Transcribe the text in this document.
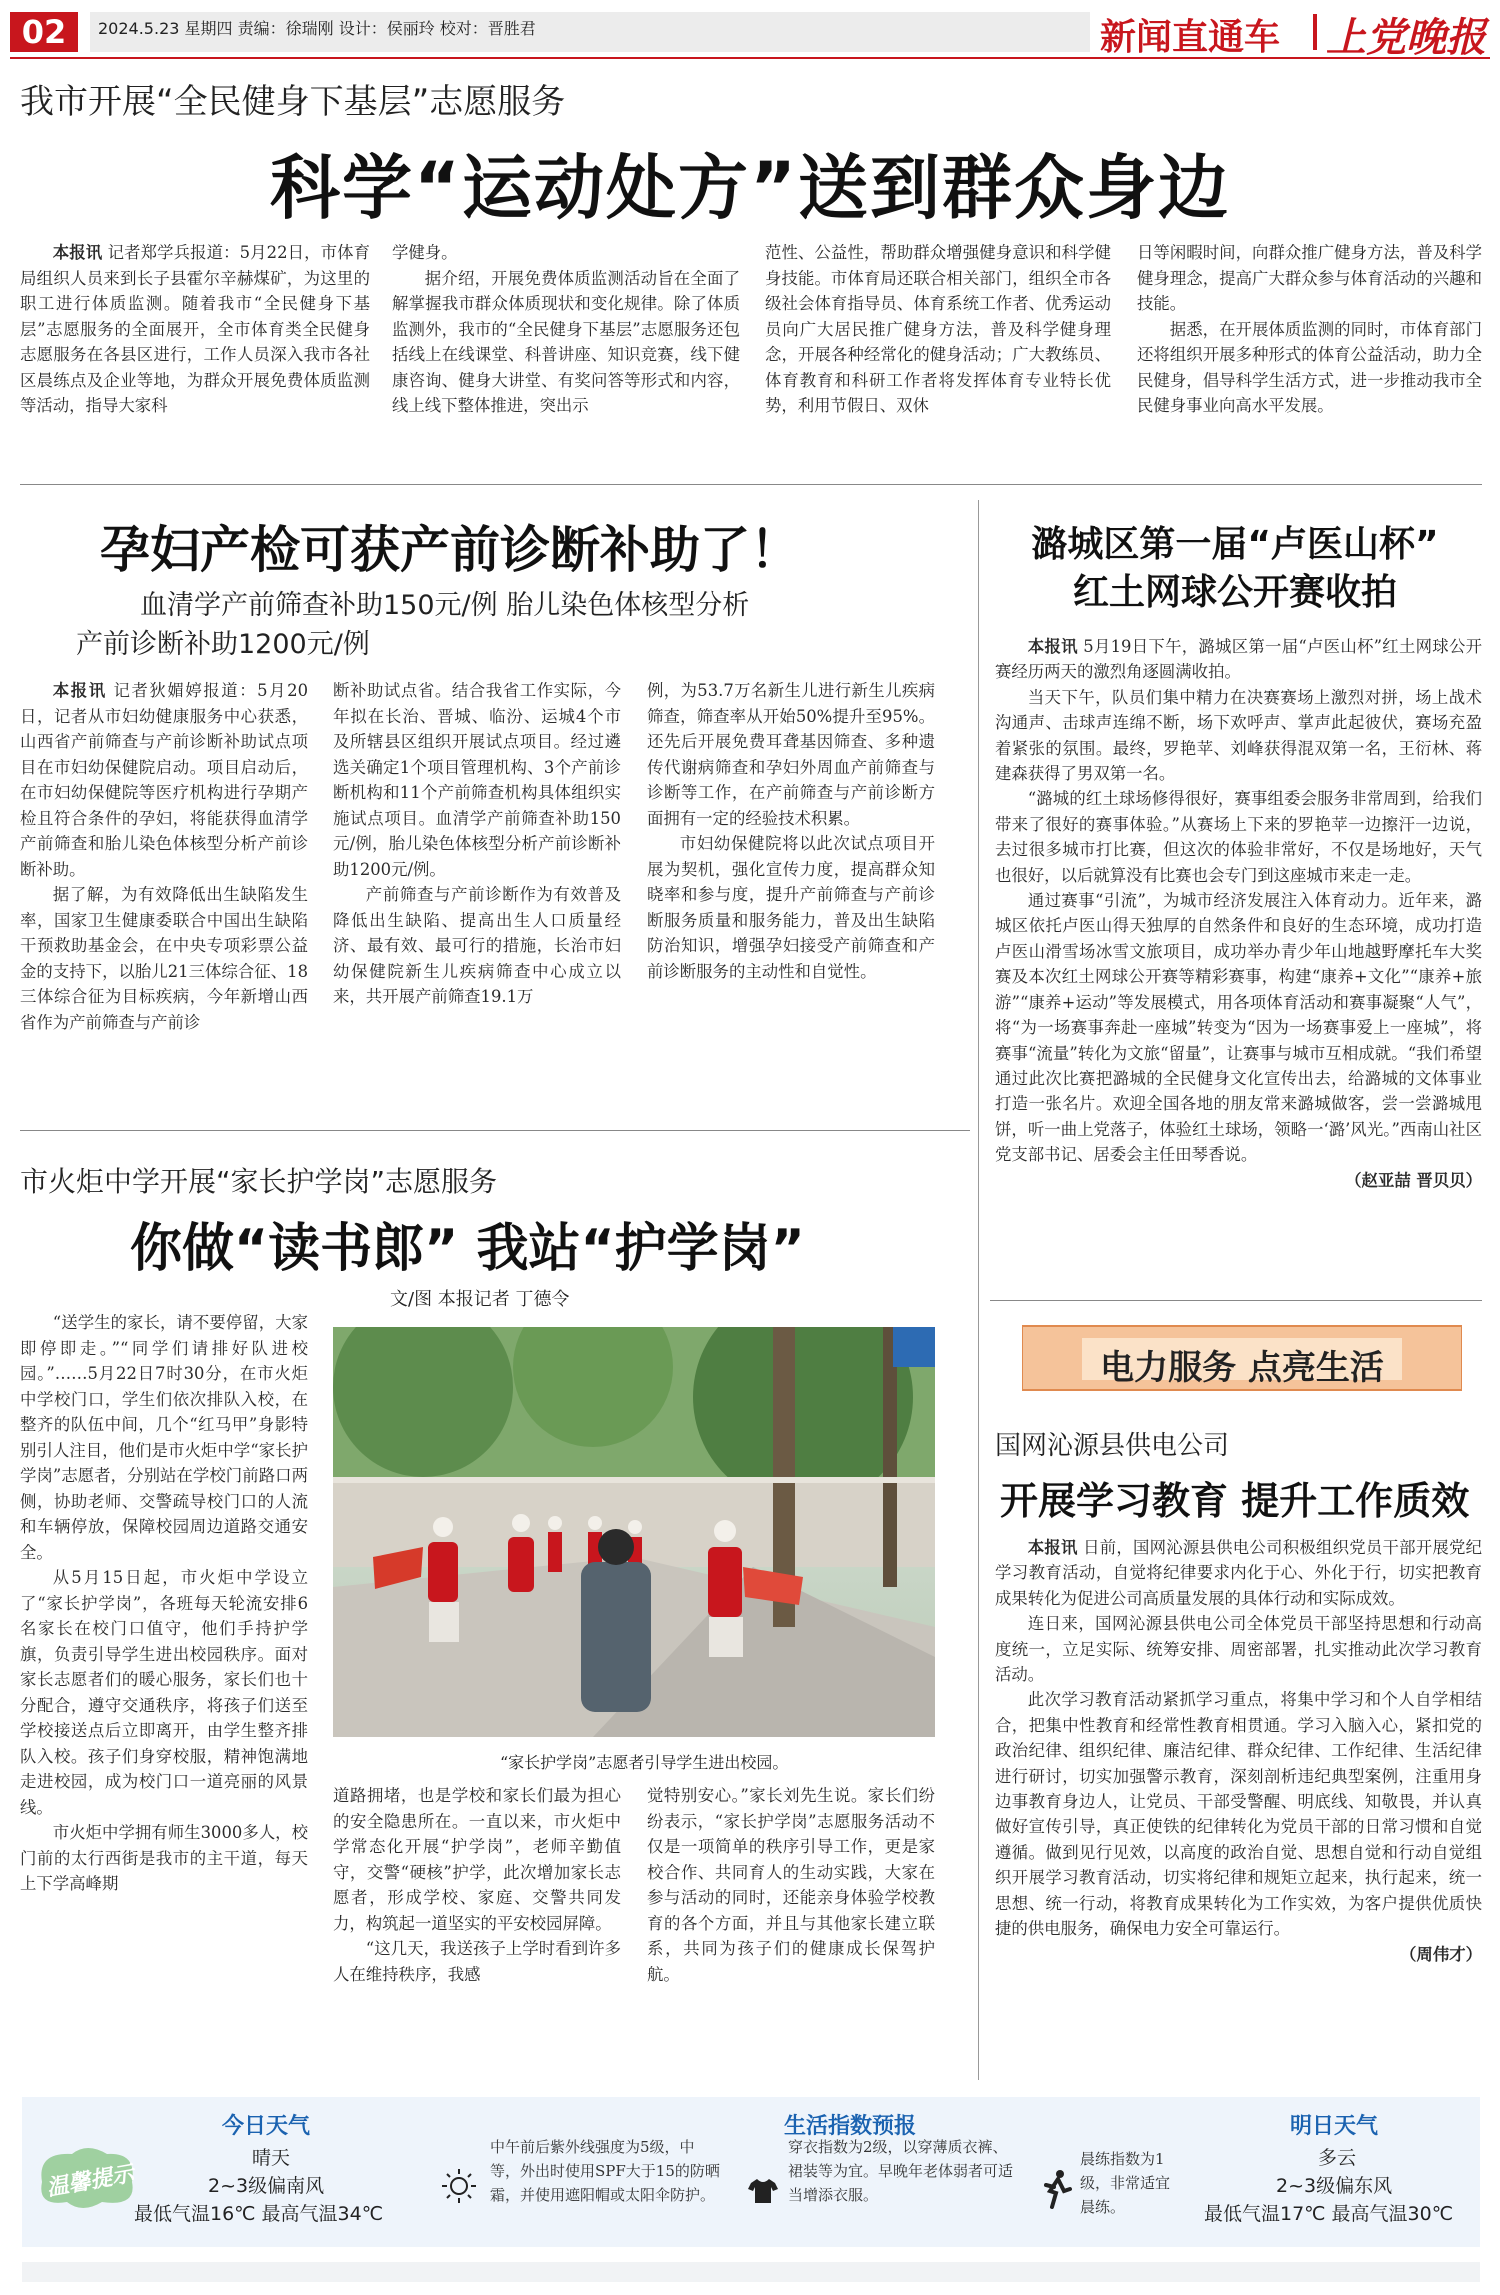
02	2024.5.23 星期四 责编：徐瑞刚 设计：侯丽玲 校对：晋胜君	新闻直通车 上党晚报
我市开展“全民健身下基层”志愿服务
科学“运动处方”送到群众身边

本报讯 记者郑学兵报道：5月22日，市体育局组织人员来到长子县霍尔辛赫煤矿，为这里的职工进行体质监测。随着我市“全民健身下基层”志愿服务的全面展开，全市体育类全民健身志愿服务在各县区进行，工作人员深入我市各社区晨练点及企业等地，为群众开展免费体质监测等活动，指导大家科

学健身。

据介绍，开展免费体质监测活动旨在全面了解掌握我市群众体质现状和变化规律。除了体质监测外，我市的“全民健身下基层”志愿服务还包括线上在线课堂、科普讲座、知识竞赛，线下健康咨询、健身大讲堂、有奖问答等形式和内容，线上线下整体推进，突出示

范性、公益性，帮助群众增强健身意识和科学健身技能。市体育局还联合相关部门，组织全市各级社会体育指导员、体育系统工作者、优秀运动员向广大居民推广健身方法，普及科学健身理念，开展各种经常化的健身活动；广大教练员、体育教育和科研工作者将发挥体育专业特长优势，利用节假日、双休

日等闲暇时间，向群众推广健身方法，普及科学健身理念，提高广大群众参与体育活动的兴趣和技能。

据悉，在开展体质监测的同时，市体育部门还将组织开展多种形式的体育公益活动，助力全民健身，倡导科学生活方式，进一步推动我市全民健身事业向高水平发展。

孕妇产检可获产前诊断补助了！
血清学产前筛查补助150元/例 胎儿染色体核型分析
产前诊断补助1200元/例

本报讯 记者狄媚婷报道：5月20日，记者从市妇幼健康服务中心获悉，山西省产前筛查与产前诊断补助试点项目在市妇幼保健院启动。项目启动后，在市妇幼保健院等医疗机构进行孕期产检且符合条件的孕妇，将能获得血清学产前筛查和胎儿染色体核型分析产前诊断补助。

据了解，为有效降低出生缺陷发生率，国家卫生健康委联合中国出生缺陷干预救助基金会，在中央专项彩票公益金的支持下，以胎儿21三体综合征、18三体综合征为目标疾病，今年新增山西省作为产前筛查与产前诊

断补助试点省。结合我省工作实际，今年拟在长治、晋城、临汾、运城4个市及所辖县区组织开展试点项目。经过遴选关确定1个项目管理机构、3个产前诊断机构和11个产前筛查机构具体组织实施试点项目。血清学产前筛查补助150元/例，胎儿染色体核型分析产前诊断补助1200元/例。

产前筛查与产前诊断作为有效普及降低出生缺陷、提高出生人口质量经济、最有效、最可行的措施，长治市妇幼保健院新生儿疾病筛查中心成立以来，共开展产前筛查19.1万

例，为53.7万名新生儿进行新生儿疾病筛查，筛查率从开始50%提升至95%。还先后开展免费耳聋基因筛查、多种遗传代谢病筛查和孕妇外周血产前筛查与诊断等工作，在产前筛查与产前诊断方面拥有一定的经验技术积累。

市妇幼保健院将以此次试点项目开展为契机，强化宣传力度，提高群众知晓率和参与度，提升产前筛查与产前诊断服务质量和服务能力，普及出生缺陷防治知识，增强孕妇接受产前筛查和产前诊断服务的主动性和自觉性。

潞城区第一届“卢医山杯”
红土网球公开赛收拍

本报讯 5月19日下午，潞城区第一届“卢医山杯”红土网球公开赛经历两天的激烈角逐圆满收拍。

当天下午，队员们集中精力在决赛赛场上激烈对拼，场上战术沟通声、击球声连绵不断，场下欢呼声、掌声此起彼伏，赛场充盈着紧张的氛围。最终，罗艳苹、刘峰获得混双第一名，王衍林、蒋建森获得了男双第一名。

“潞城的红土球场修得很好，赛事组委会服务非常周到，给我们带来了很好的赛事体验。”从赛场上下来的罗艳苹一边擦汗一边说，去过很多城市打比赛，但这次的体验非常好，不仅是场地好，天气也很好，以后就算没有比赛也会专门到这座城市来走一走。

通过赛事“引流”，为城市经济发展注入体育动力。近年来，潞城区依托卢医山得天独厚的自然条件和良好的生态环境，成功打造卢医山滑雪场冰雪文旅项目，成功举办青少年山地越野摩托车大奖赛及本次红土网球公开赛等精彩赛事，构建“康养+文化”“康养+旅游”“康养+运动”等发展模式，用各项体育活动和赛事凝聚“人气”，将“为一场赛事奔赴一座城”转变为“因为一场赛事爱上一座城”，将赛事“流量”转化为文旅“留量”，让赛事与城市互相成就。“我们希望通过此次比赛把潞城的全民健身文化宣传出去，给潞城的文体事业打造一张名片。欢迎全国各地的朋友常来潞城做客，尝一尝潞城甩饼，听一曲上党落子，体验红土球场，领略一‘潞’风光。”西南山社区党支部书记、居委会主任田琴香说。

（赵亚喆 晋贝贝）

市火炬中学开展“家长护学岗”志愿服务
你做“读书郎” 我站“护学岗”
文/图 本报记者 丁德令

“送学生的家长，请不要停留，大家即停即走。”“同学们请排好队进校园。”……5月22日7时30分，在市火炬中学校门口，学生们依次排队入校，在整齐的队伍中间，几个“红马甲”身影特别引人注目，他们是市火炬中学“家长护学岗”志愿者，分别站在学校门前路口两侧，协助老师、交警疏导校门口的人流和车辆停放，保障校园周边道路交通安全。

从5月15日起，市火炬中学设立了“家长护学岗”，各班每天轮流安排6名家长在校门口值守，他们手持护学旗，负责引导学生进出校园秩序。面对家长志愿者们的暖心服务，家长们也十分配合，遵守交通秩序，将孩子们送至学校接送点后立即离开，由学生整齐排队入校。孩子们身穿校服，精神饱满地走进校园，成为校门口一道亮丽的风景线。

市火炬中学拥有师生3000多人，校门前的太行西街是我市的主干道，每天上下学高峰期

“家长护学岗”志愿者引导学生进出校园。

道路拥堵，也是学校和家长们最为担心的安全隐患所在。一直以来，市火炬中学常态化开展“护学岗”，老师辛勤值守，交警“硬核”护学，此次增加家长志愿者，形成学校、家庭、交警共同发力，构筑起一道坚实的平安校园屏障。

“这几天，我送孩子上学时看到许多人在维持秩序，我感

觉特别安心。”家长刘先生说。家长们纷纷表示，“家长护学岗”志愿服务活动不仅是一项简单的秩序引导工作，更是家校合作、共同育人的生动实践，大家在参与活动的同时，还能亲身体验学校教育的各个方面，并且与其他家长建立联系，共同为孩子们的健康成长保驾护航。

电力服务 点亮生活
国网沁源县供电公司
开展学习教育 提升工作质效

本报讯 日前，国网沁源县供电公司积极组织党员干部开展党纪学习教育活动，自觉将纪律要求内化于心、外化于行，切实把教育成果转化为促进公司高质量发展的具体行动和实际成效。

连日来，国网沁源县供电公司全体党员干部坚持思想和行动高度统一，立足实际、统筹安排、周密部署，扎实推动此次学习教育活动。

此次学习教育活动紧抓学习重点，将集中学习和个人自学相结合，把集中性教育和经常性教育相贯通。学习入脑入心，紧扣党的政治纪律、组织纪律、廉洁纪律、群众纪律、工作纪律、生活纪律进行研讨，切实加强警示教育，深刻剖析违纪典型案例，注重用身边事教育身边人，让党员、干部受警醒、明底线、知敬畏，并认真做好宣传引导，真正使铁的纪律转化为党员干部的日常习惯和自觉遵循。做到见行见效，以高度的政治自觉、思想自觉和行动自觉组织开展学习教育活动，切实将纪律和规矩立起来，执行起来，统一思想、统一行动，将教育成果转化为工作实效，为客户提供优质快捷的供电服务，确保电力安全可靠运行。

（周伟才）

温馨提示
今日天气
晴天
2~3级偏南风
最低气温16℃ 最高气温34℃
中午前后紫外线强度为5级，中等，外出时使用SPF大于15的防晒霜，并使用遮阳帽或太阳伞防护。
生活指数预报
穿衣指数为2级，以穿薄质衣裤、裙装等为宜。早晚年老体弱者可适当增添衣服。
晨练指数为1级，非常适宜晨练。
明日天气
多云
2~3级偏东风
最低气温17℃ 最高气温30℃
